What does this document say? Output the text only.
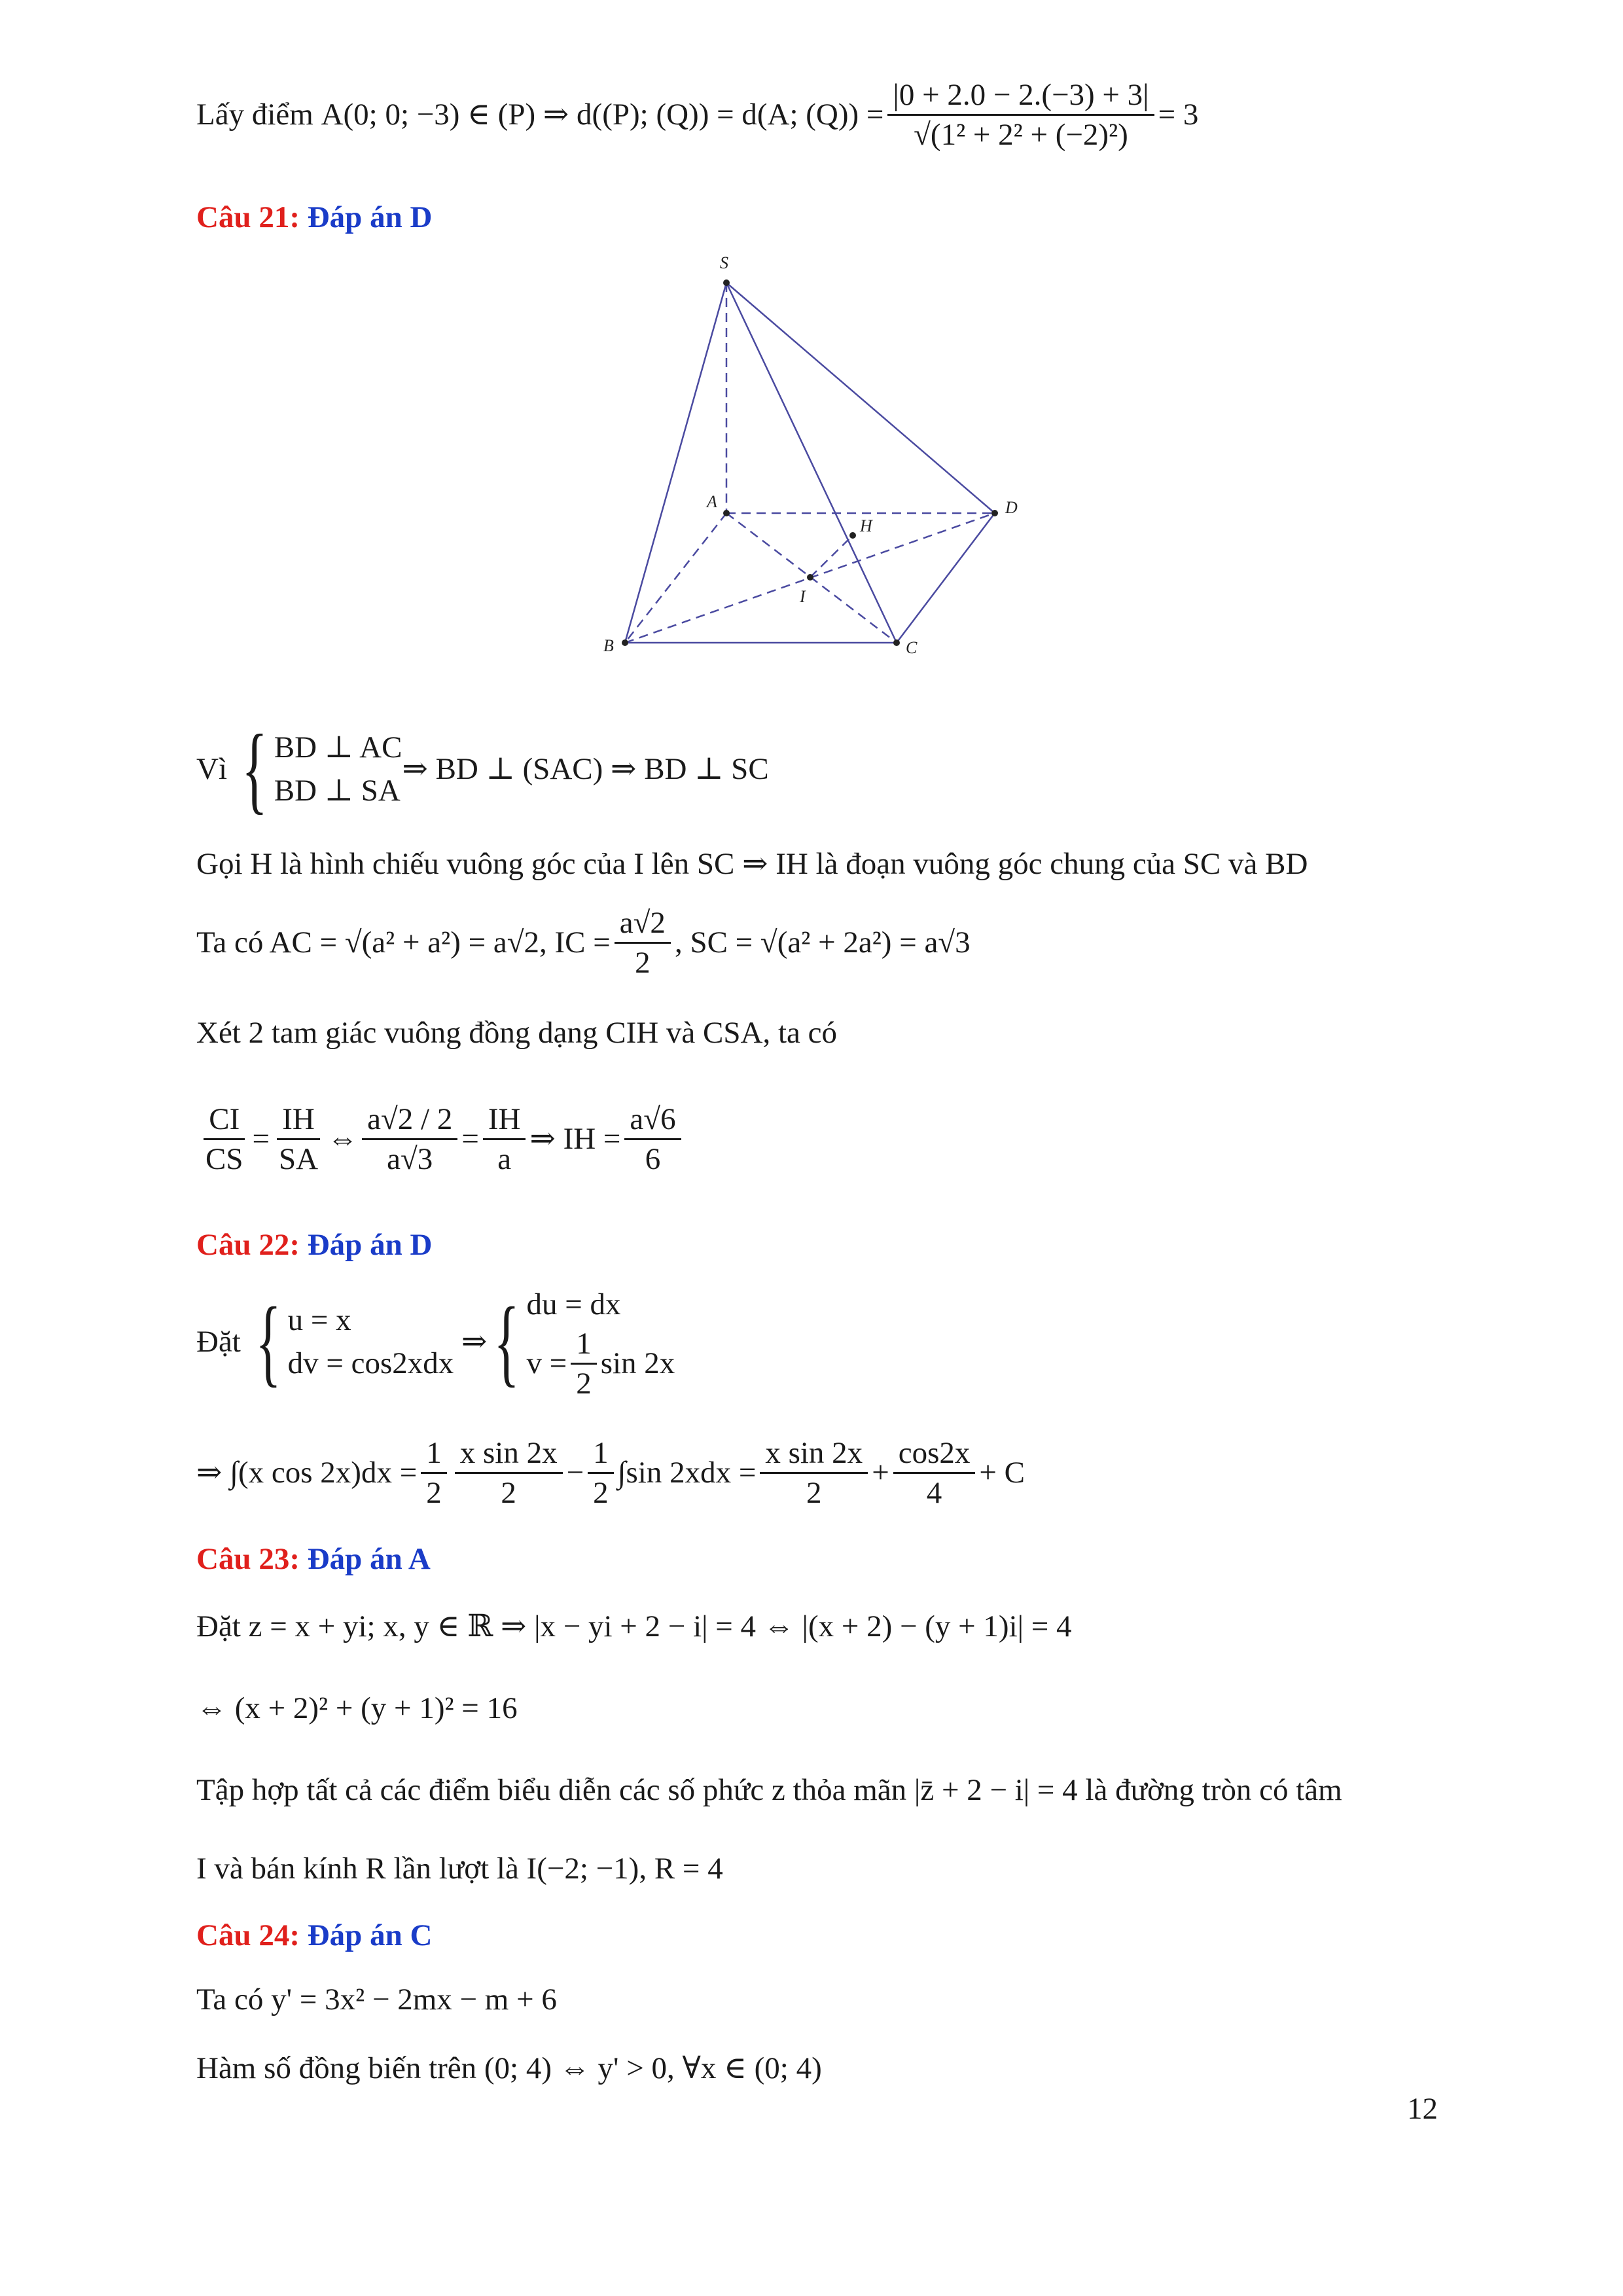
Lấy điểm
A(0; 0; −3) ∈ (P) ⇒ d((P); (Q)) = d(A; $(Q)) = \frac{|0 + 2.0 - 2.(-3) + 3|}{\text{√(1² + 2² + (−2)²)}} = 3$
Câu 21: Đáp án D
S
A
B	C
D
H
I
Vì
{ BD ⊥ AC
BD ⊥ SA
⇒ BD ⊥ (SAC) ⇒ BD ⊥ SC
Gọi H là hình chiếu vuông góc của I lên SC ⇒ IH là đoạn vuông góc chung của SC và BD
Ta có AC = √(a² + a²) = a√2, IC = $\frac{a√2}{2}$ , SC = √(a² + 2a²) = a√3
Xét 2 tam giác vuông đồng dạng CIH và CSA, ta có
$\frac{CI}{CS} = \frac{IH}{SA}$ ⇔ $\frac{a√2 / 2}{a√3} = \frac{IH}{a}$ ⇒ IH = $\frac{a√6}{6}$
Câu 22: Đáp án D
Đặt
{ u = x
dv = cos2xdx

⇒ { du = dx
$v = \frac{1}{2}$ sin 2x
⇒ ∫(x $\cos 2x)dx = \frac{1}{2} \frac{\text{x sin 2x}}{2} - \frac{1}{2} \int\sin$ $2xdx = \frac{\text{x sin 2x}}{2} + \frac{\cos 2x}{4} + C$
Câu 23: Đáp án A
Đặt z = x + yi; x, y ∈ ℝ ⇒ |x − yi + 2 − i| = 4 ⇔ |(x + 2) − (y + 1)i| = 4
⇔ (x + 2)² + (y + 1)² = 16
Tập hợp tất cả các điểm biểu diễn các số phức z thỏa mãn |z̄ + 2 − i| = 4 là đường tròn có tâm
I và bán kính R lần lượt là I(−2; −1), R = 4
Câu 24: Đáp án C
Ta có y' = 3x² − 2mx − m + 6
Hàm số đồng biến trên (0; 4) ⇔ y' > 0, ∀x ∈ (0; 4)
12
